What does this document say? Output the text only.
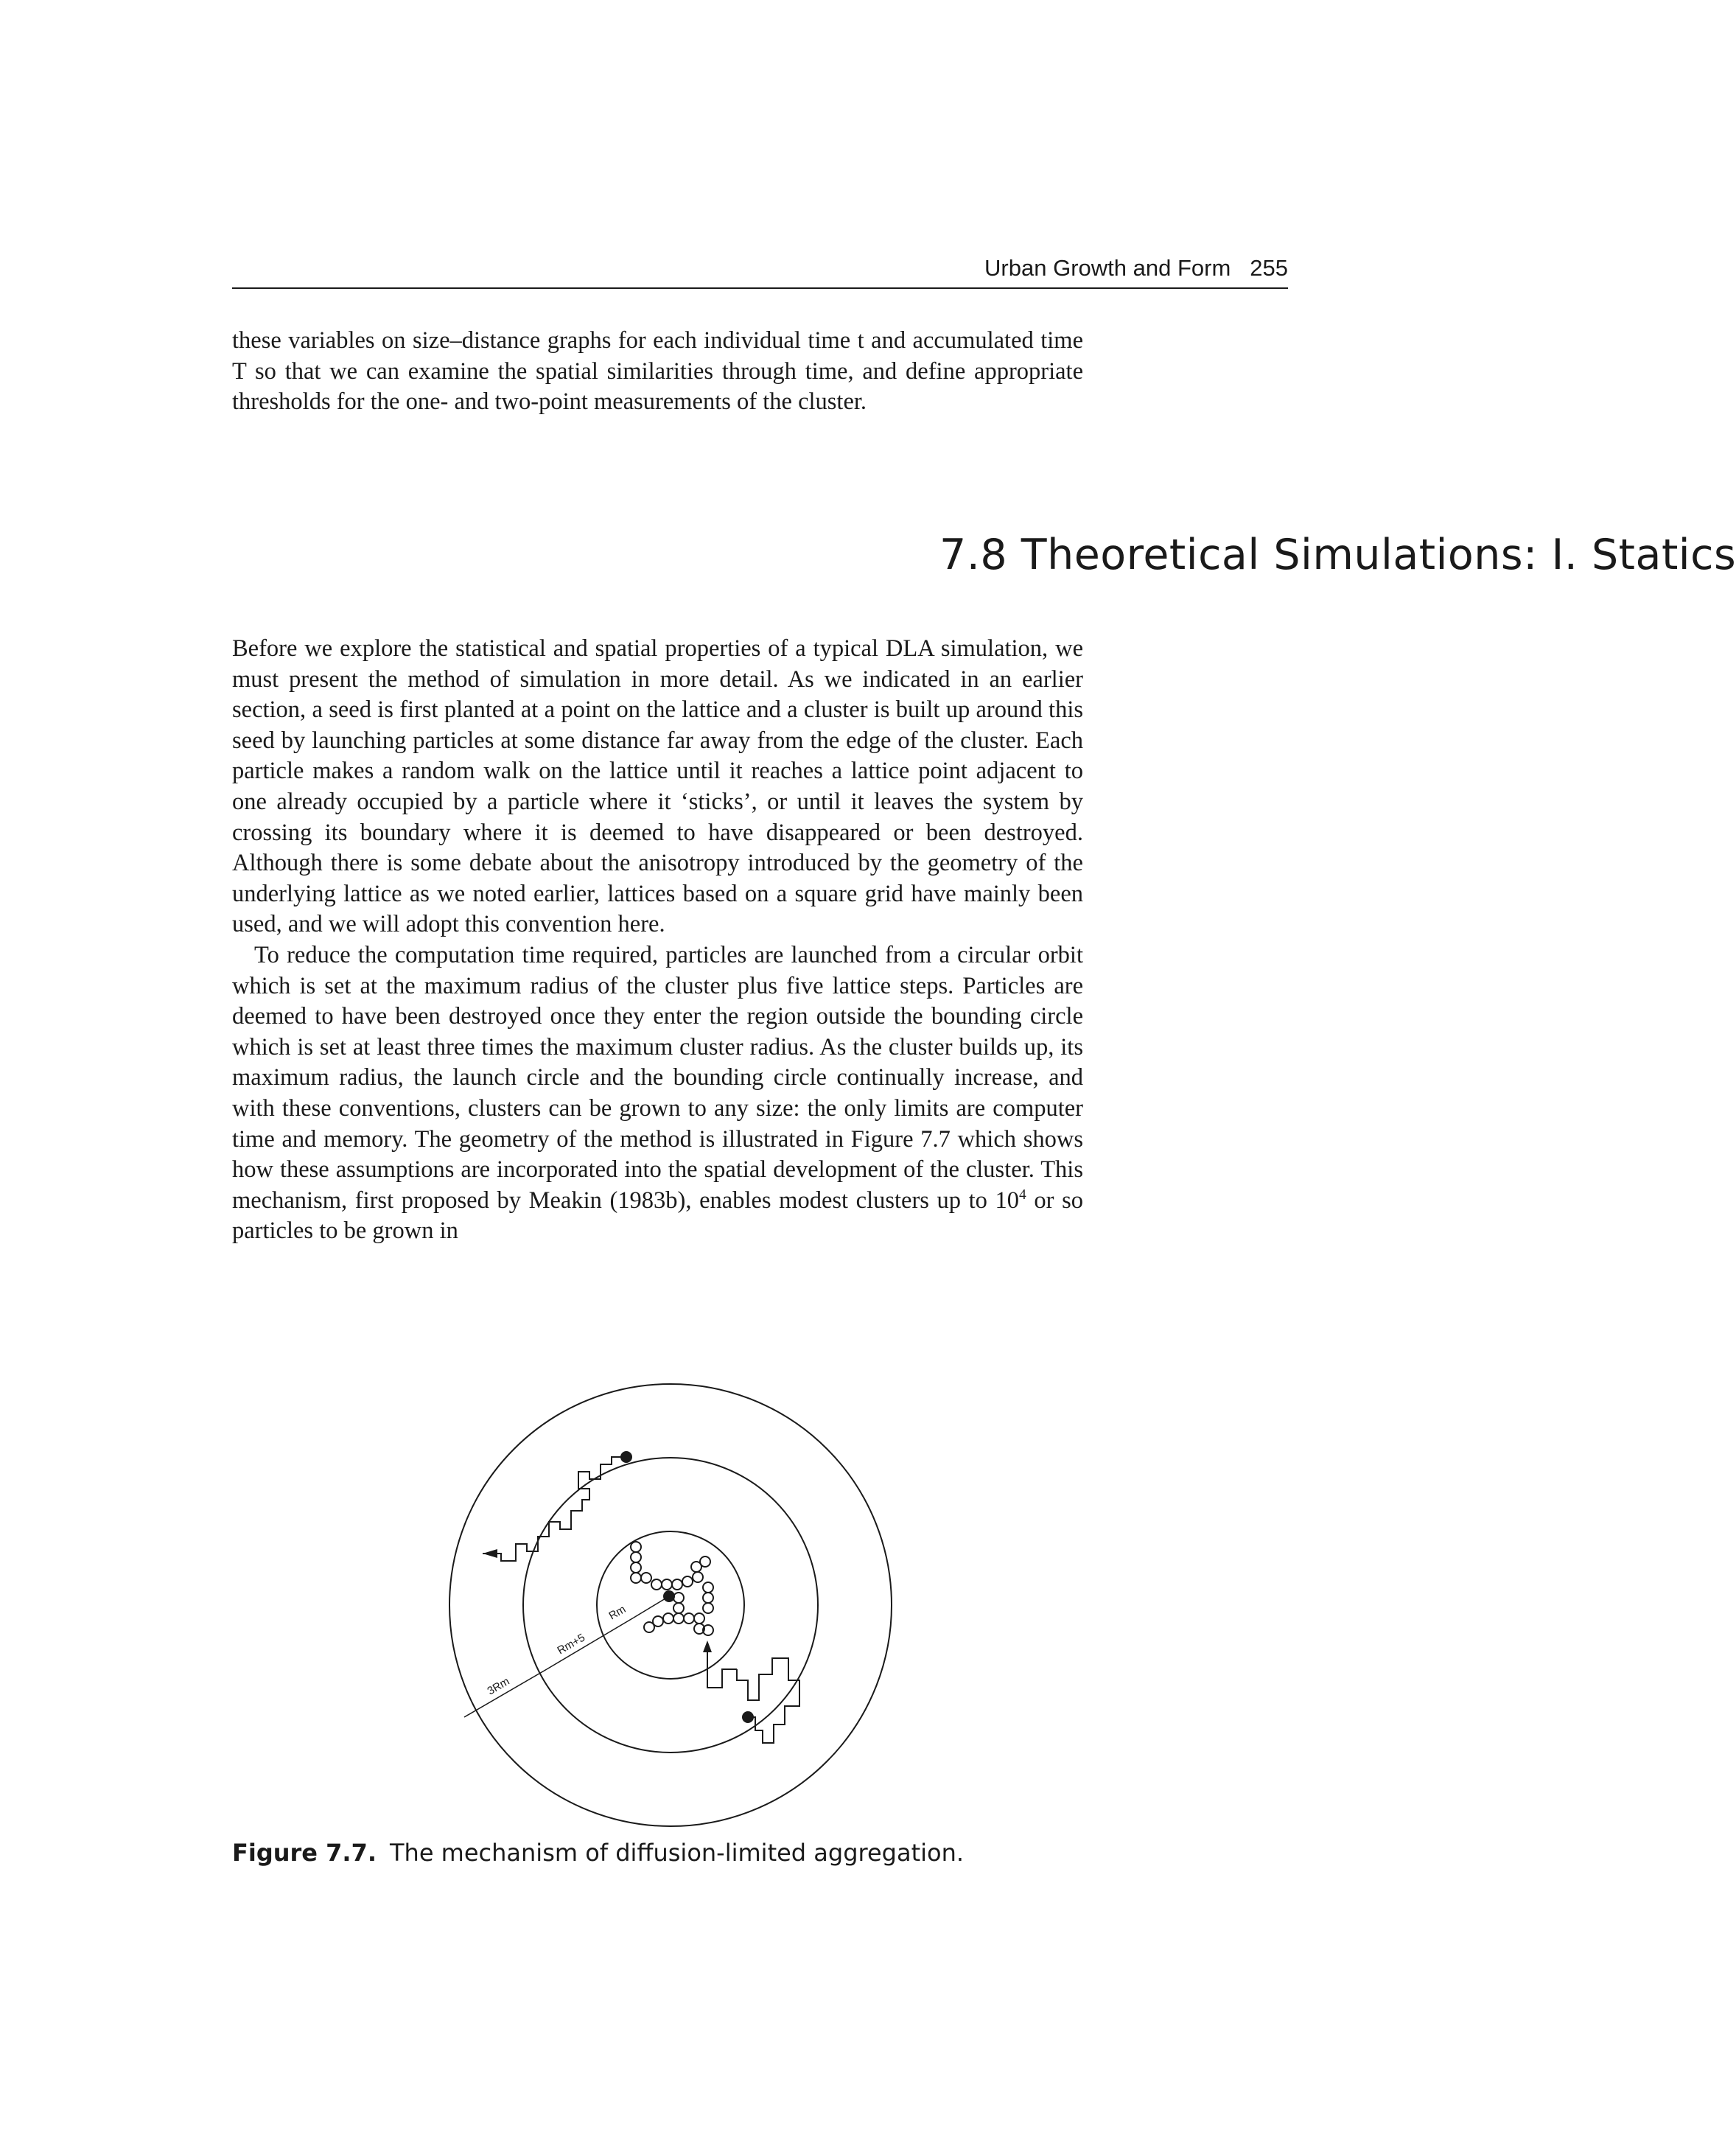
Urban Growth and Form 255

these variables on size–distance graphs for each individual time t and accumulated time T so that we can examine the spatial similarities through time, and define appropriate thresholds for the one- and two-point measurements of the cluster.

7.8 Theoretical Simulations: I. Statics

Before we explore the statistical and spatial properties of a typical DLA simulation, we must present the method of simulation in more detail. As we indicated in an earlier section, a seed is first planted at a point on the lattice and a cluster is built up around this seed by launching particles at some distance far away from the edge of the cluster. Each particle makes a random walk on the lattice until it reaches a lattice point adjacent to one already occupied by a particle where it ‘sticks’, or until it leaves the system by crossing its boundary where it is deemed to have disappeared or been destroyed. Although there is some debate about the anisotropy introduced by the geometry of the underlying lattice as we noted earlier, lattices based on a square grid have mainly been used, and we will adopt this convention here.

To reduce the computation time required, particles are launched from a circular orbit which is set at the maximum radius of the cluster plus five lattice steps. Particles are deemed to have been destroyed once they enter the region outside the bounding circle which is set at least three times the maximum cluster radius. As the cluster builds up, its maximum radius, the launch circle and the bounding circle continually increase, and with these conventions, clusters can be grown to any size: the only limits are computer time and memory. The geometry of the method is illustrated in Figure 7.7 which shows how these assumptions are incorporated into the spatial development of the cluster. This mechanism, first proposed by Meakin (1983b), enables modest clusters up to $10^4$ or so particles to be grown in

Rm
Rm+5
3Rm

Figure 7.7. The mechanism of diffusion-limited aggregation.
